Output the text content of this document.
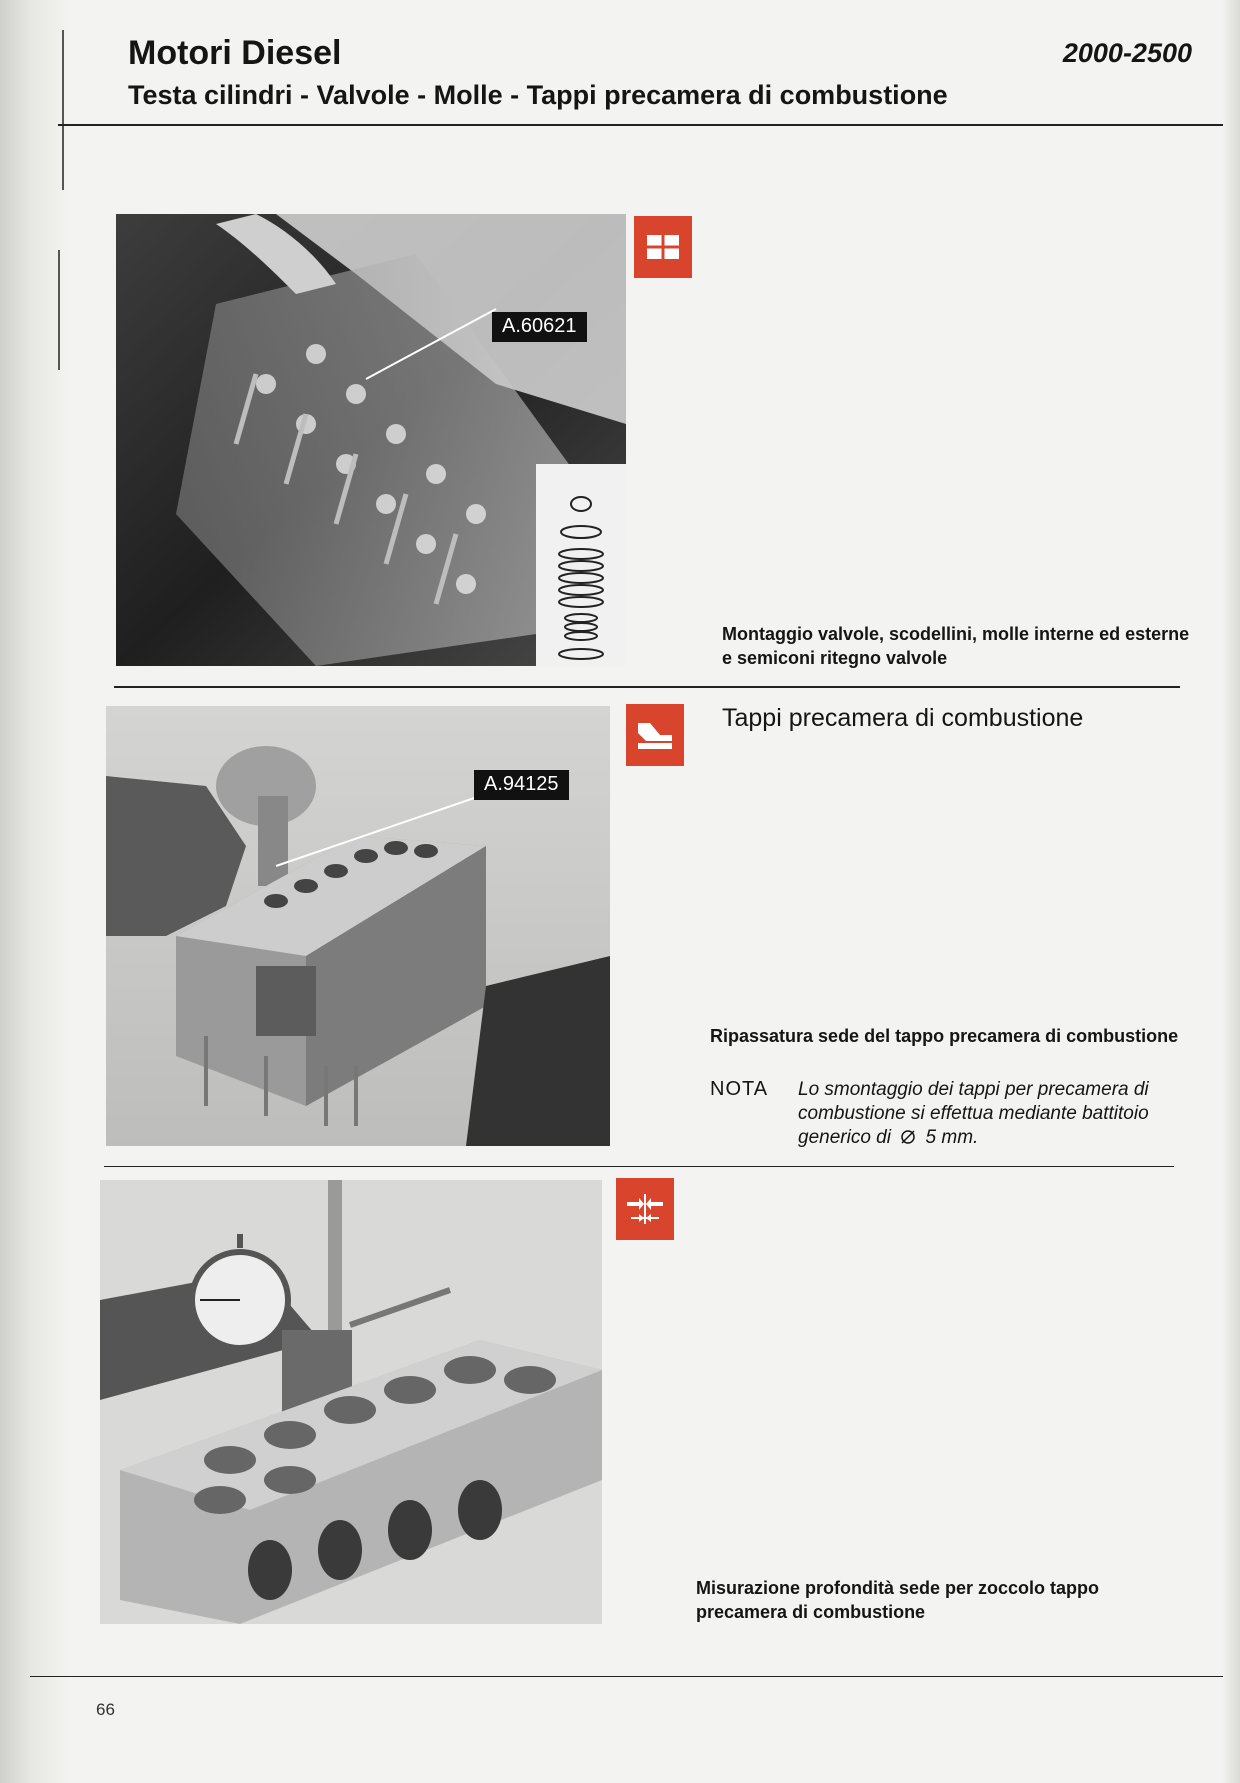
Motori Diesel	2000-2500
Testa cilindri - Valvole - Molle - Tappi precamera di combustione
A.60621
Montaggio valvole, scodellini, molle interne ed esterne e semiconi ritegno valvole
A.94125
Tappi precamera di combustione
Ripassatura sede del tappo precamera di combustione
NOTA Lo smontaggio dei tappi per precamera di combustione si effettua mediante battitoio generico di 5 mm.
Misurazione profondità sede per zoccolo tappo precamera di combustione
66
